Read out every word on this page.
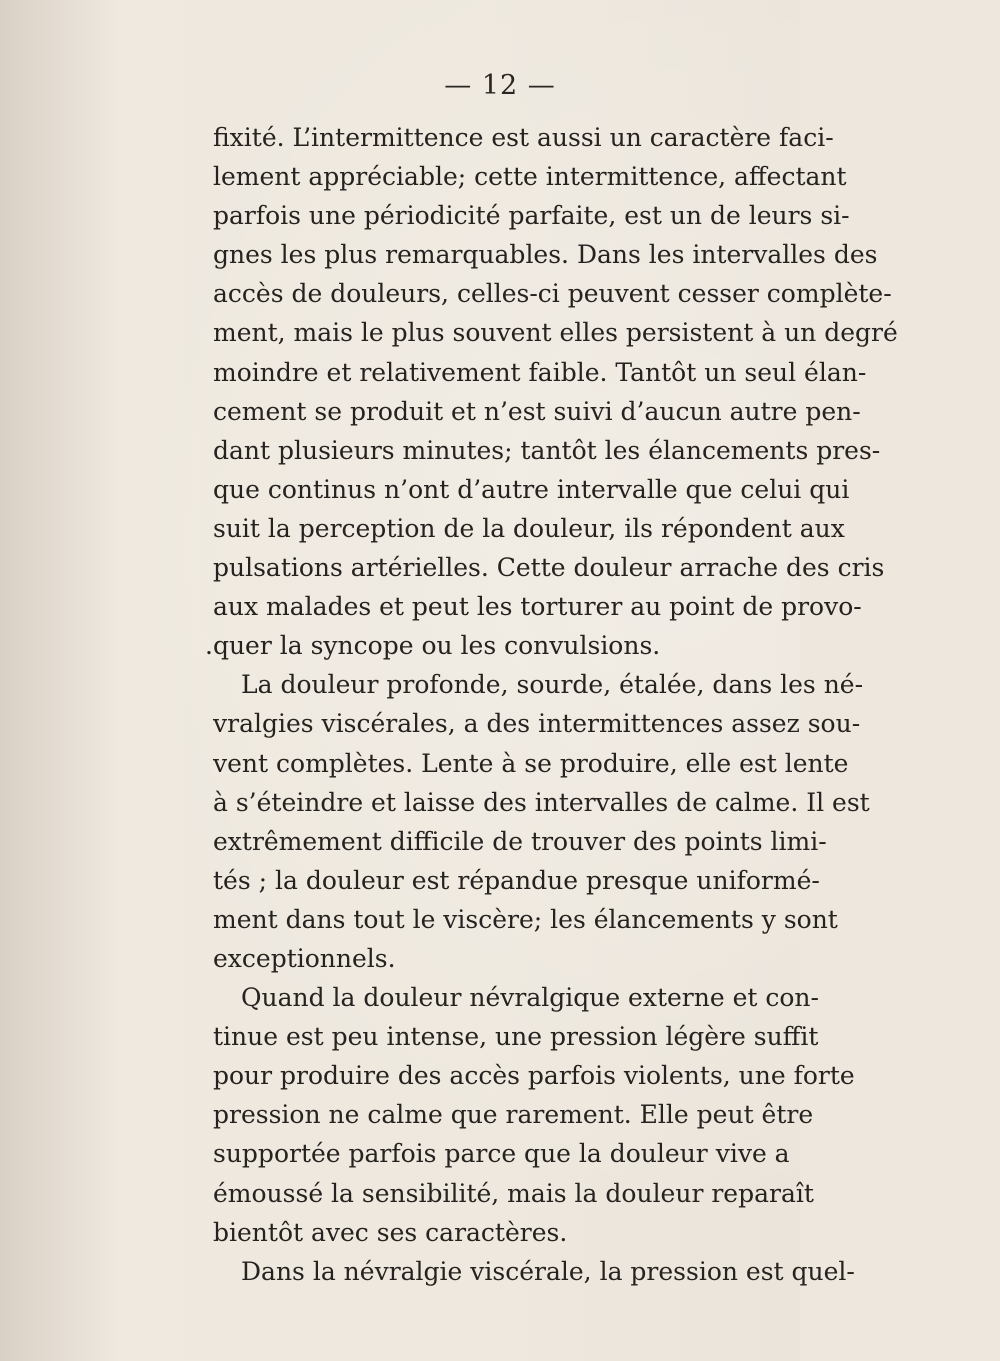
— 12 —
fixité. L’intermittence est aussi un caractère faci-
lement appréciable; cette intermittence, affectant
parfois une périodicité parfaite, est un de leurs si-
gnes les plus remarquables. Dans les intervalles des
accès de douleurs, celles-ci peuvent cesser complète-
ment, mais le plus souvent elles persistent à un degré
moindre et relativement faible. Tantôt un seul élan-
cement se produit et n’est suivi d’aucun autre pen-
dant plusieurs minutes; tantôt les élancements pres-
que continus n’ont d’autre intervalle que celui qui
suit la perception de la douleur, ils répondent aux
pulsations artérielles. Cette douleur arrache des cris
aux malades et peut les torturer au point de provo-
.quer la syncope ou les convulsions.
La douleur profonde, sourde, étalée, dans les né-
vralgies viscérales, a des intermittences assez sou-
vent complètes. Lente à se produire, elle est lente
à s’éteindre et laisse des intervalles de calme. Il est
extrêmement difficile de trouver des points limi-
tés ; la douleur est répandue presque uniformé-
ment dans tout le viscère; les élancements y sont
exceptionnels.
Quand la douleur névralgique externe et con-
tinue est peu intense, une pression légère suffit
pour produire des accès parfois violents, une forte
pression ne calme que rarement. Elle peut être
supportée parfois parce que la douleur vive a
émoussé la sensibilité, mais la douleur reparaît
bientôt avec ses caractères.
Dans la névralgie viscérale, la pression est quel-
